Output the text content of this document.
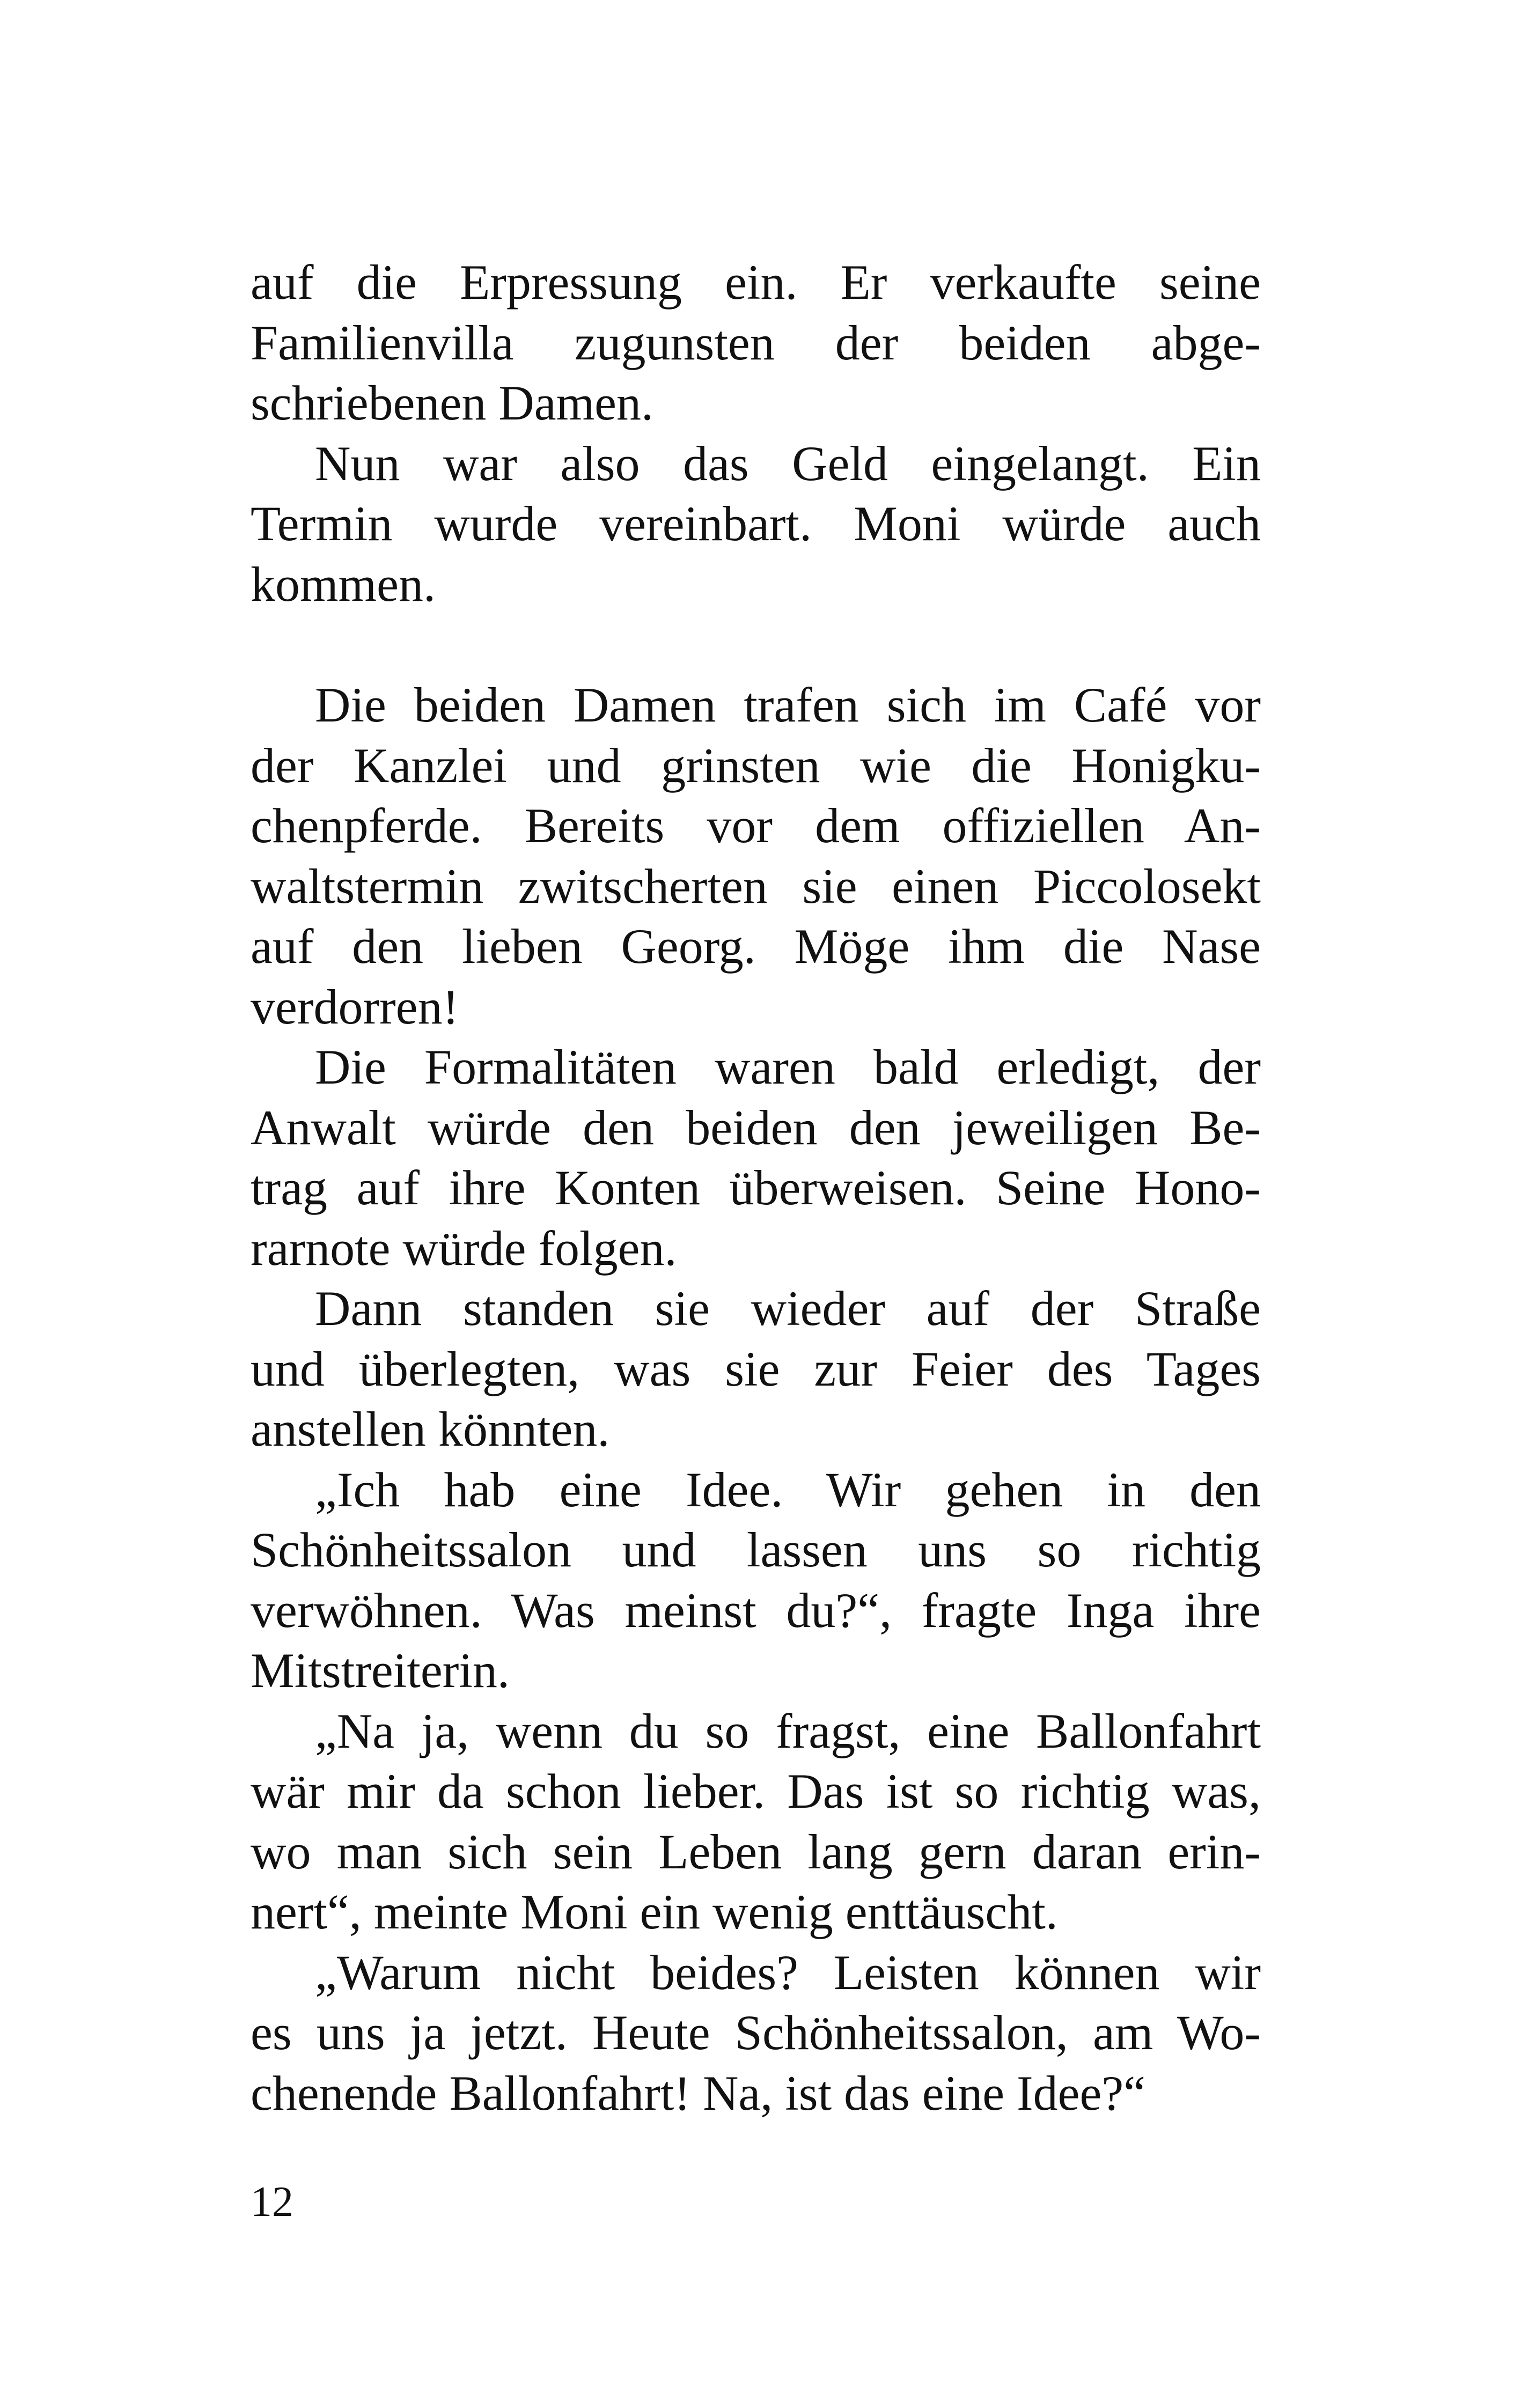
auf die Erpressung ein. Er verkaufte seine
Familienvilla zugunsten der beiden abge-
schriebenen Damen.
Nun war also das Geld eingelangt. Ein
Termin wurde vereinbart. Moni würde auch
kommen.
Die beiden Damen trafen sich im Café vor
der Kanzlei und grinsten wie die Honigku-
chenpferde. Bereits vor dem offiziellen An-
waltstermin zwitscherten sie einen Piccolosekt
auf den lieben Georg. Möge ihm die Nase
verdorren!
Die Formalitäten waren bald erledigt, der
Anwalt würde den beiden den jeweiligen Be-
trag auf ihre Konten überweisen. Seine Hono-
rarnote würde folgen.
Dann standen sie wieder auf der Straße
und überlegten, was sie zur Feier des Tages
anstellen könnten.
„Ich hab eine Idee. Wir gehen in den
Schönheitssalon und lassen uns so richtig
verwöhnen. Was meinst du?“, fragte Inga ihre
Mitstreiterin.
„Na ja, wenn du so fragst, eine Ballonfahrt
wär mir da schon lieber. Das ist so richtig was,
wo man sich sein Leben lang gern daran erin-
nert“, meinte Moni ein wenig enttäuscht.
„Warum nicht beides? Leisten können wir
es uns ja jetzt. Heute Schönheitssalon, am Wo-
chenende Ballonfahrt! Na, ist das eine Idee?“
12
